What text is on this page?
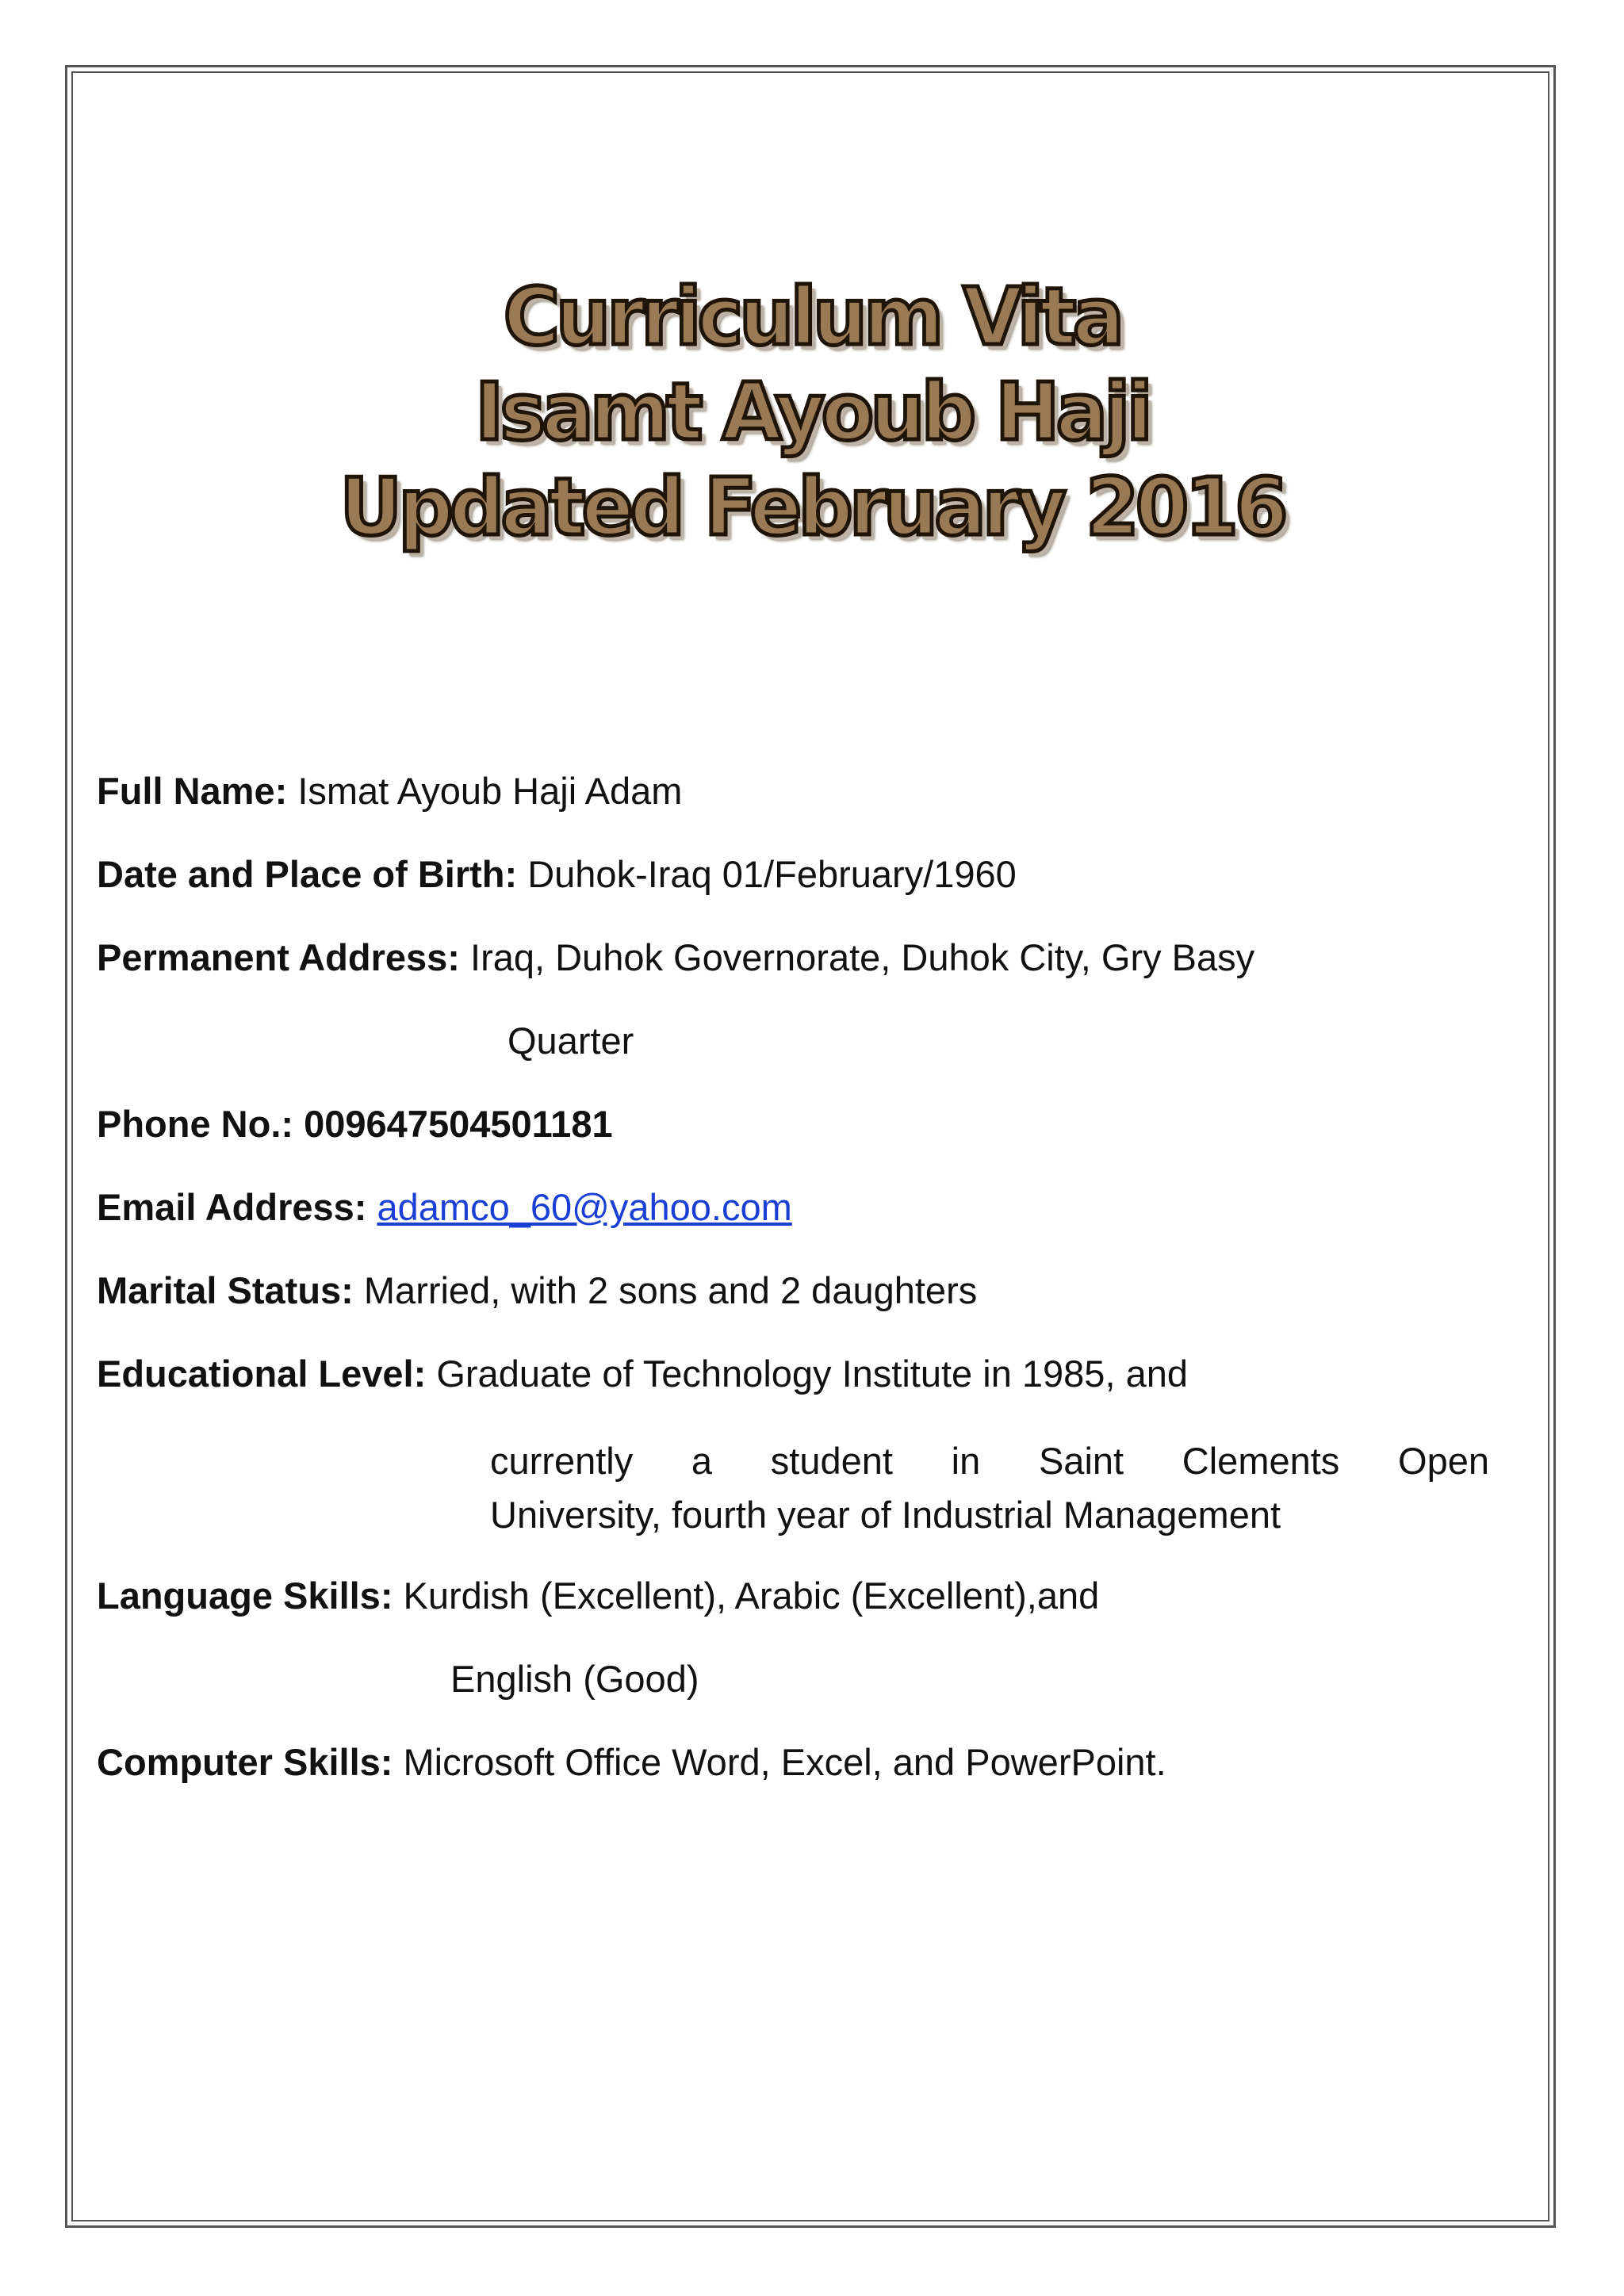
Curriculum Vita
Isamt Ayoub Haji
Updated February 2016
Full Name: Ismat Ayoub Haji Adam
Date and Place of Birth: Duhok-Iraq 01/February/1960
Permanent Address: Iraq, Duhok Governorate, Duhok City, Gry Basy
Quarter
Phone No.: 009647504501181
Email Address: adamco_60@yahoo.com
Marital Status: Married, with 2 sons and 2 daughters
Educational Level: Graduate of Technology Institute in 1985, and
currently a student in Saint Clements Open
University, fourth year of Industrial Management
Language Skills: Kurdish (Excellent), Arabic (Excellent),and
English (Good)
Computer Skills: Microsoft Office Word, Excel, and PowerPoint.
